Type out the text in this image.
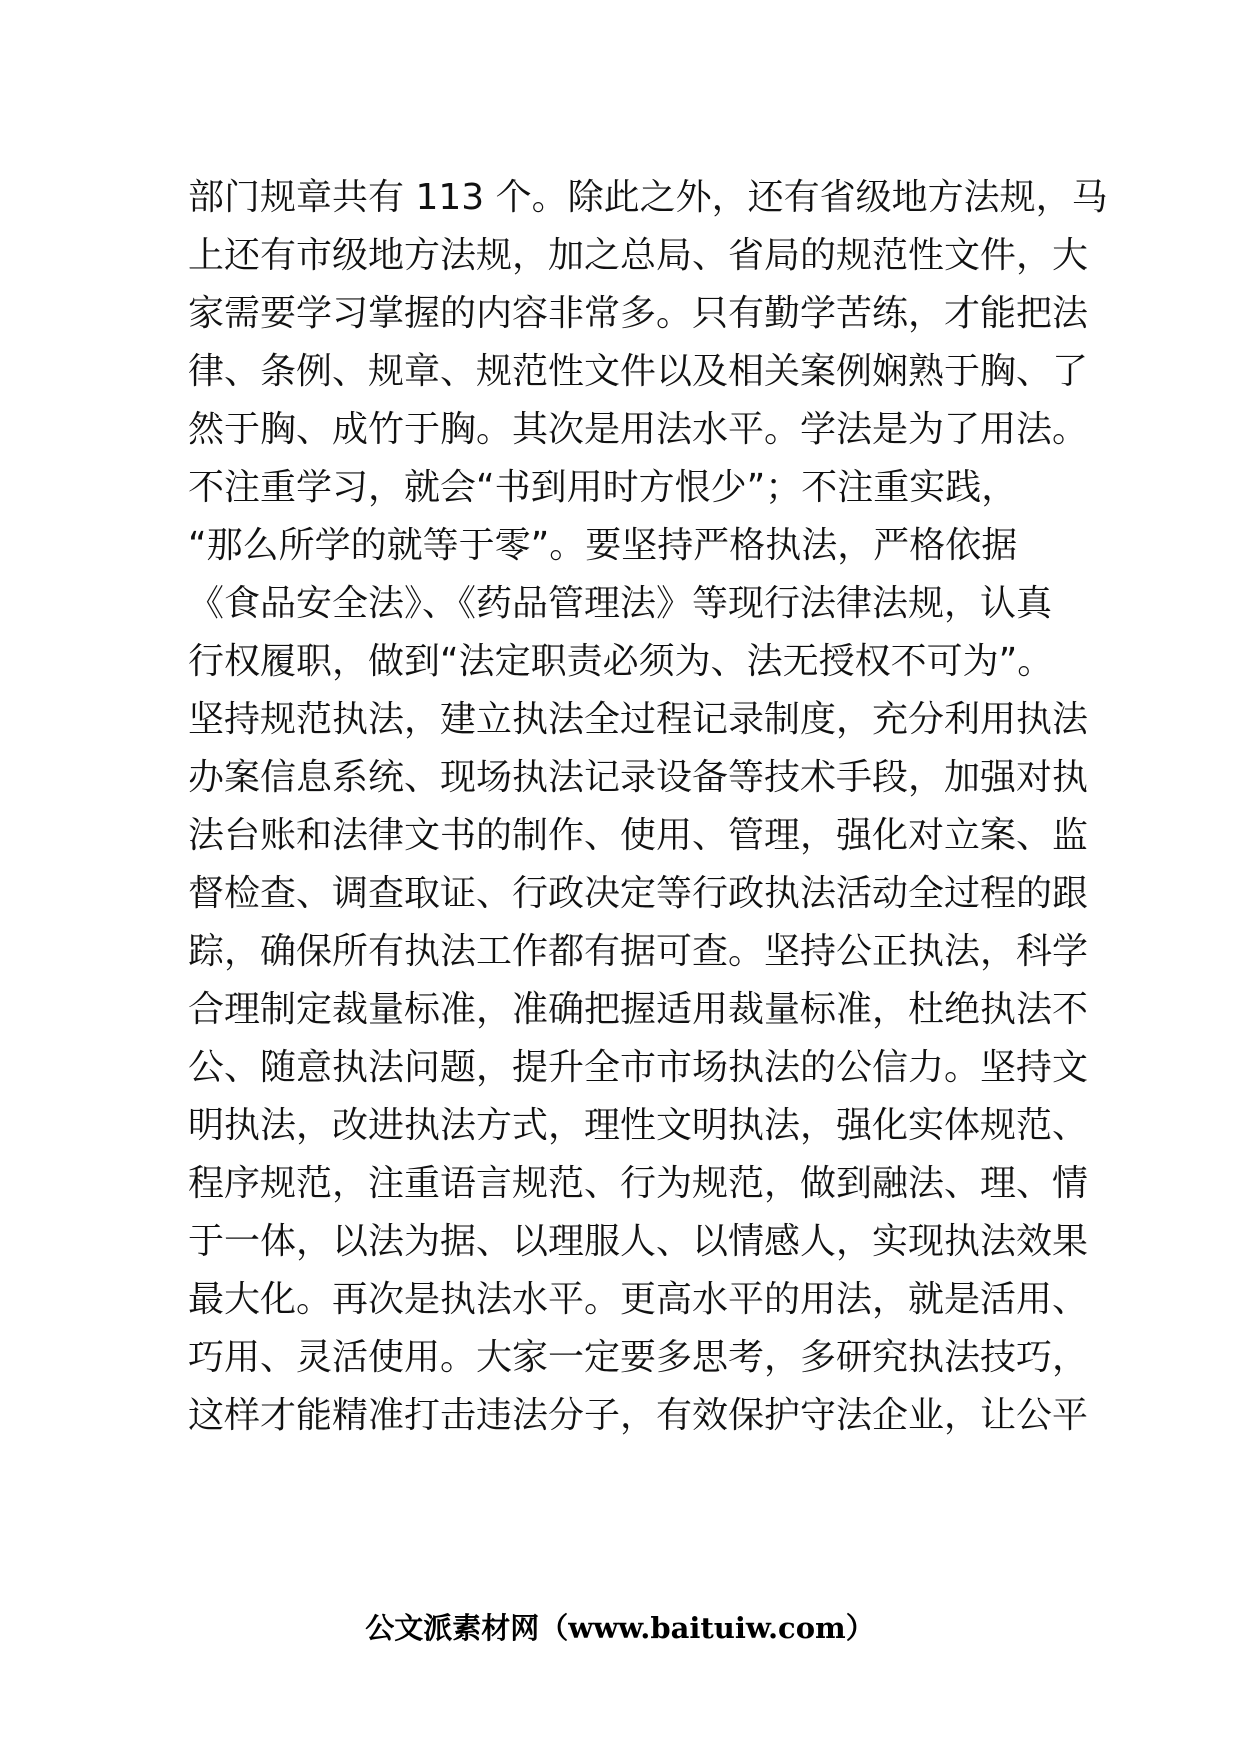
部门规章共有 113 个。除此之外，还有省级地方法规，马
上还有市级地方法规，加之总局、省局的规范性文件，大
家需要学习掌握的内容非常多。只有勤学苦练，才能把法
律、条例、规章、规范性文件以及相关案例娴熟于胸、了
然于胸、成竹于胸。其次是用法水平。学法是为了用法。
不注重学习，就会“书到用时方恨少”；不注重实践，
“那么所学的就等于零”。要坚持严格执法，严格依据
《食品安全法》、《药品管理法》等现行法律法规，认真
行权履职，做到“法定职责必须为、法无授权不可为”。
坚持规范执法，建立执法全过程记录制度，充分利用执法
办案信息系统、现场执法记录设备等技术手段，加强对执
法台账和法律文书的制作、使用、管理，强化对立案、监
督检查、调查取证、行政决定等行政执法活动全过程的跟
踪，确保所有执法工作都有据可查。坚持公正执法，科学
合理制定裁量标准，准确把握适用裁量标准，杜绝执法不
公、随意执法问题，提升全市市场执法的公信力。坚持文
明执法，改进执法方式，理性文明执法，强化实体规范、
程序规范，注重语言规范、行为规范，做到融法、理、情
于一体，以法为据、以理服人、以情感人，实现执法效果
最大化。再次是执法水平。更高水平的用法，就是活用、
巧用、灵活使用。大家一定要多思考，多研究执法技巧，
这样才能精准打击违法分子，有效保护守法企业，让公平
公文派素材网（www.baituiw.com）
